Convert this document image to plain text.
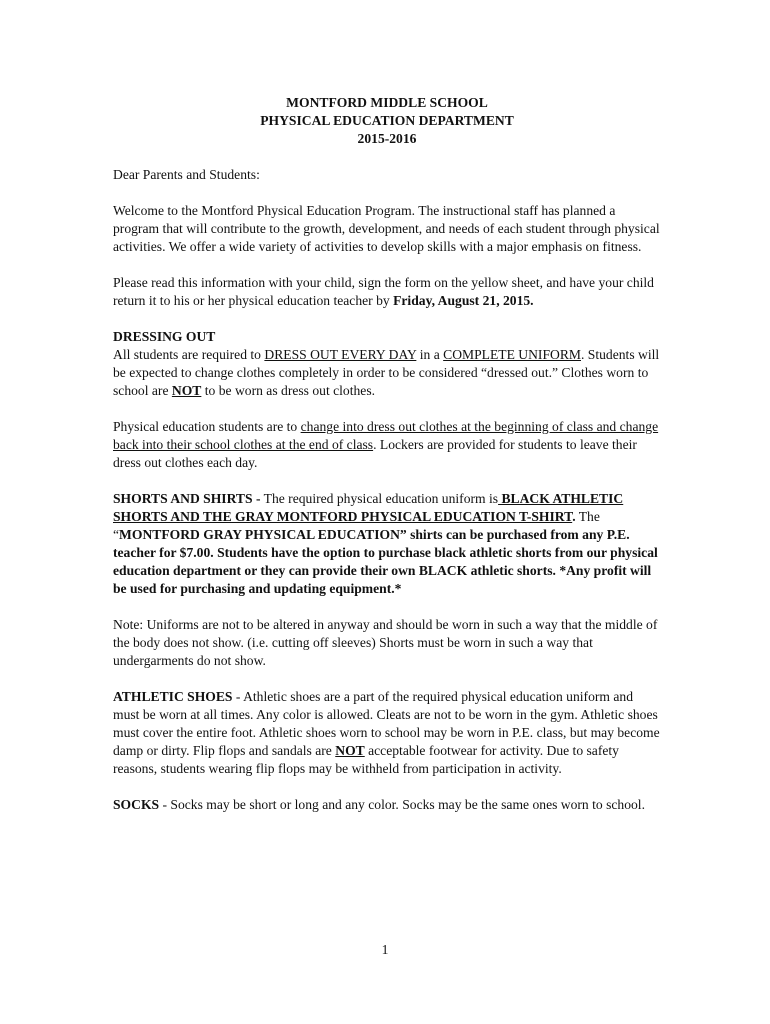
MONTFORD MIDDLE SCHOOL
PHYSICAL EDUCATION DEPARTMENT
2015-2016

Dear Parents and Students:

Welcome to the Montford Physical Education Program. The instructional staff has planned a program that will contribute to the growth, development, and needs of each student through physical activities. We offer a wide variety of activities to develop skills with a major emphasis on fitness.

Please read this information with your child, sign the form on the yellow sheet, and have your child return it to his or her physical education teacher by Friday, August 21, 2015.

DRESSING OUT
All students are required to DRESS OUT EVERY DAY in a COMPLETE UNIFORM. Students will be expected to change clothes completely in order to be considered “dressed out.” Clothes worn to school are NOT to be worn as dress out clothes.

Physical education students are to change into dress out clothes at the beginning of class and change back into their school clothes at the end of class. Lockers are provided for students to leave their dress out clothes each day.

SHORTS AND SHIRTS - The required physical education uniform is BLACK ATHLETIC SHORTS AND THE GRAY MONTFORD PHYSICAL EDUCATION T-SHIRT. The “MONTFORD GRAY PHYSICAL EDUCATION” shirts can be purchased from any P.E. teacher for $7.00. Students have the option to purchase black athletic shorts from our physical education department or they can provide their own BLACK athletic shorts. *Any profit will be used for purchasing and updating equipment.*

Note: Uniforms are not to be altered in anyway and should be worn in such a way that the middle of the body does not show. (i.e. cutting off sleeves) Shorts must be worn in such a way that undergarments do not show.

ATHLETIC SHOES - Athletic shoes are a part of the required physical education uniform and must be worn at all times. Any color is allowed. Cleats are not to be worn in the gym. Athletic shoes must cover the entire foot. Athletic shoes worn to school may be worn in P.E. class, but may become damp or dirty. Flip flops and sandals are NOT acceptable footwear for activity. Due to safety reasons, students wearing flip flops may be withheld from participation in activity.

SOCKS - Socks may be short or long and any color. Socks may be the same ones worn to school.

1
